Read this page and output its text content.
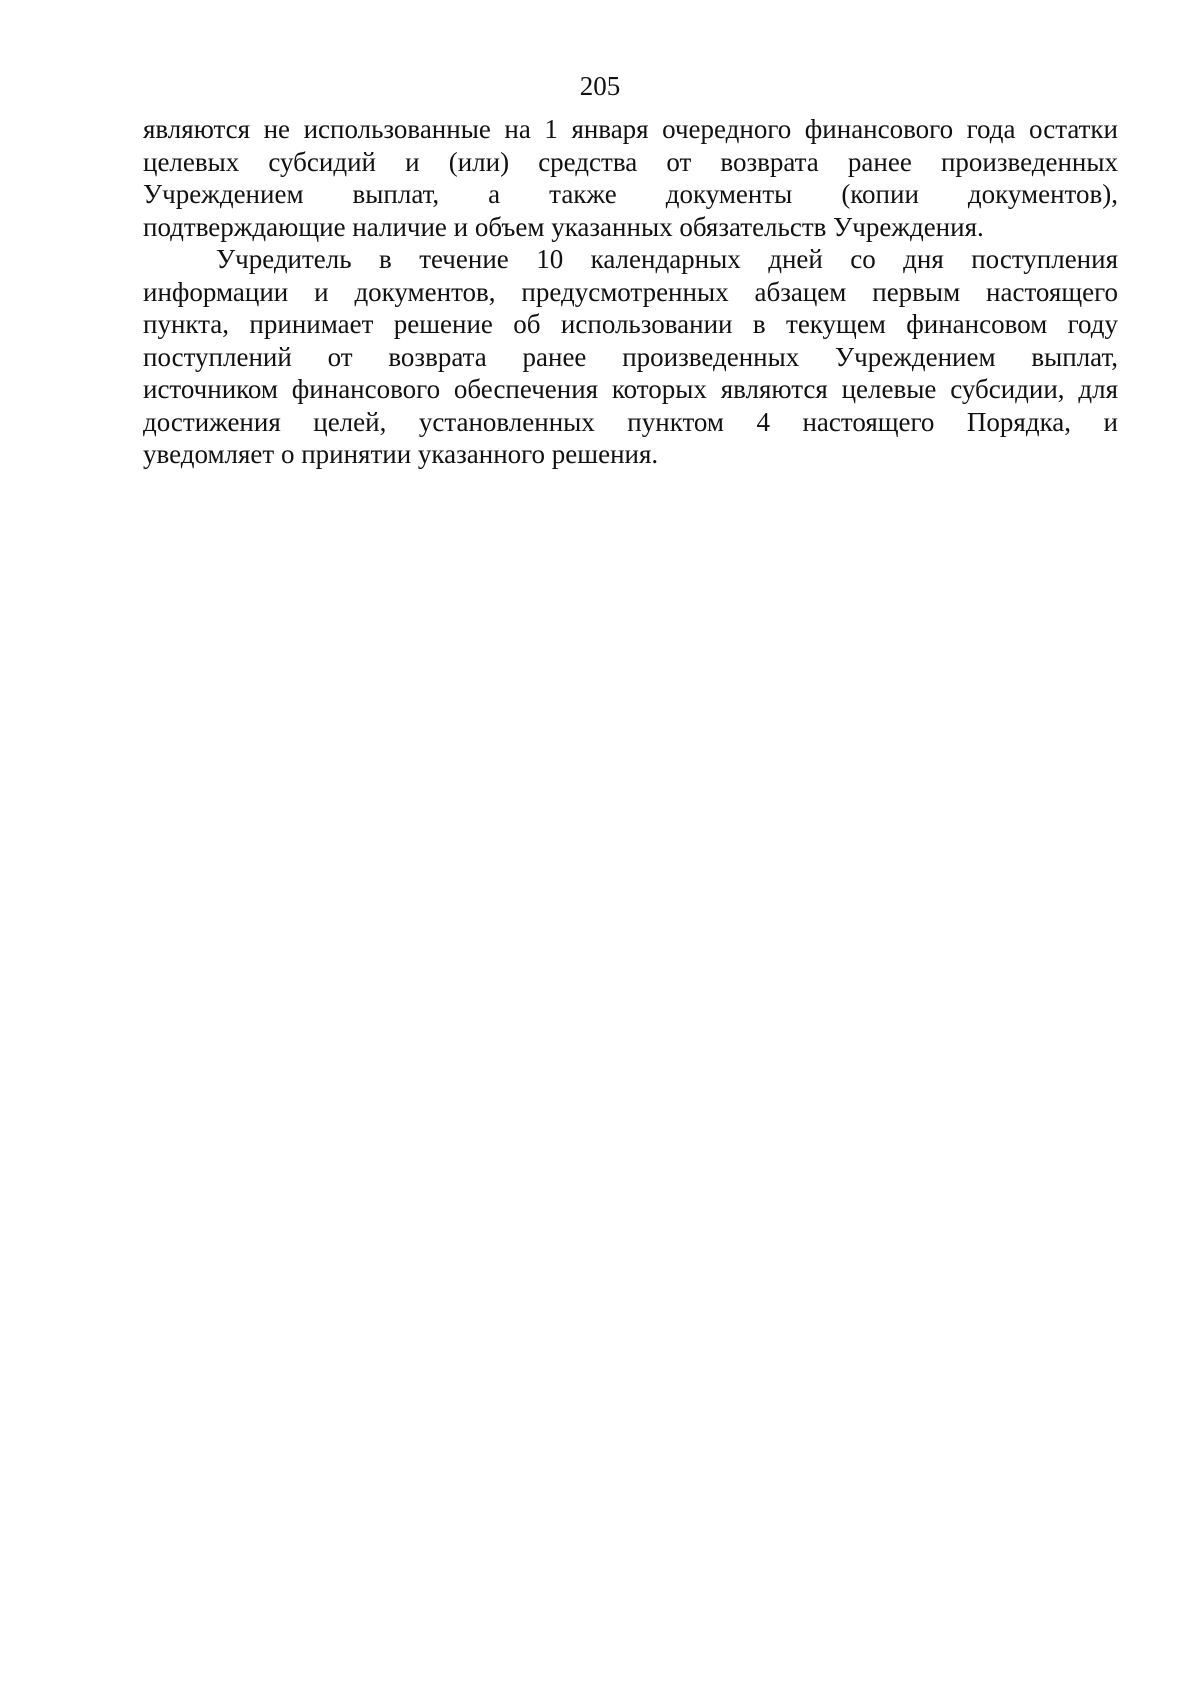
205

являются не использованные на 1 января очередного финансового года остатки
целевых субсидий и (или) средства от возврата ранее произведенных
Учреждением выплат, а также документы (копии документов),
подтверждающие наличие и объем указанных обязательств Учреждения.

Учредитель в течение 10 календарных дней со дня поступления
информации и документов, предусмотренных абзацем первым настоящего
пункта, принимает решение об использовании в текущем финансовом году
поступлений от возврата ранее произведенных Учреждением выплат,
источником финансового обеспечения которых являются целевые субсидии, для
достижения целей, установленных пунктом 4 настоящего Порядка, и
уведомляет о принятии указанного решения.
